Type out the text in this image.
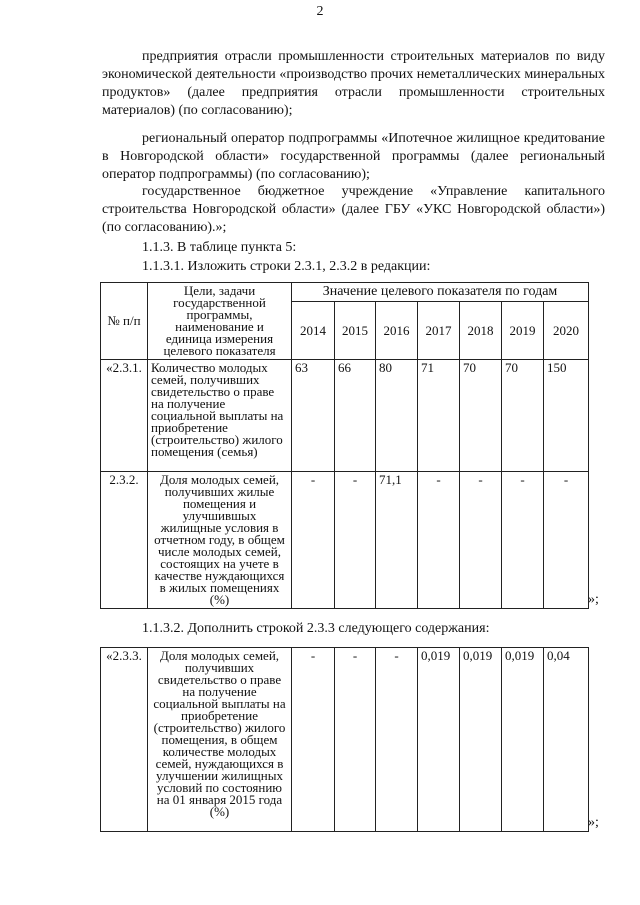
2

предприятия отрасли промышленности строительных материалов по виду экономической деятельности «производство прочих неметаллических минеральных продуктов» (далее предприятия отрасли промышленности строительных материалов) (по согласованию);

региональный оператор подпрограммы «Ипотечное жилищное кредитование в Новгородской области» государственной программы (далее региональный оператор подпрограммы) (по согласованию);

государственное бюджетное учреждение «Управление капитального строительства Новгородской области» (далее ГБУ «УКС Новгородской области») (по согласованию).»;

1.1.3. В таблице пункта 5:
1.1.3.1. Изложить строки 2.3.1, 2.3.2 в редакции:
№ п/п	Цели, задачи государственной программы, наименование и единица измерения целевого показателя	Значение целевого показателя по годам						
		2014	2015	2016	2017	2018	2019	2020
«2.3.1.	Количество молодых семей, получивших свидетельство о праве на получение социальной выплаты на приобретение (строительство) жилого помещения (семья)	63	66	80	71	70	70	150
2.3.2.	Доля молодых семей, получивших жилые помещения и улучшившых жилищные условия в отчетном году, в общем числе молодых семей, состоящих на учете в качестве нуждающихся в жилых помещениях (%)	-	-	71,1	-	-	-	-
»;
1.1.3.2. Дополнить строкой 2.3.3 следующего содержания:
«2.3.3.	Доля молодых семей, получивших свидетельство о праве на получение социальной выплаты на приобретение (строительство) жилого помещения, в общем количестве молодых семей, нуждающихся в улучшении жилищных условий по состоянию на 01 января 2015 года (%)	-	-	-	0,019	0,019	0,019	0,04
»;
